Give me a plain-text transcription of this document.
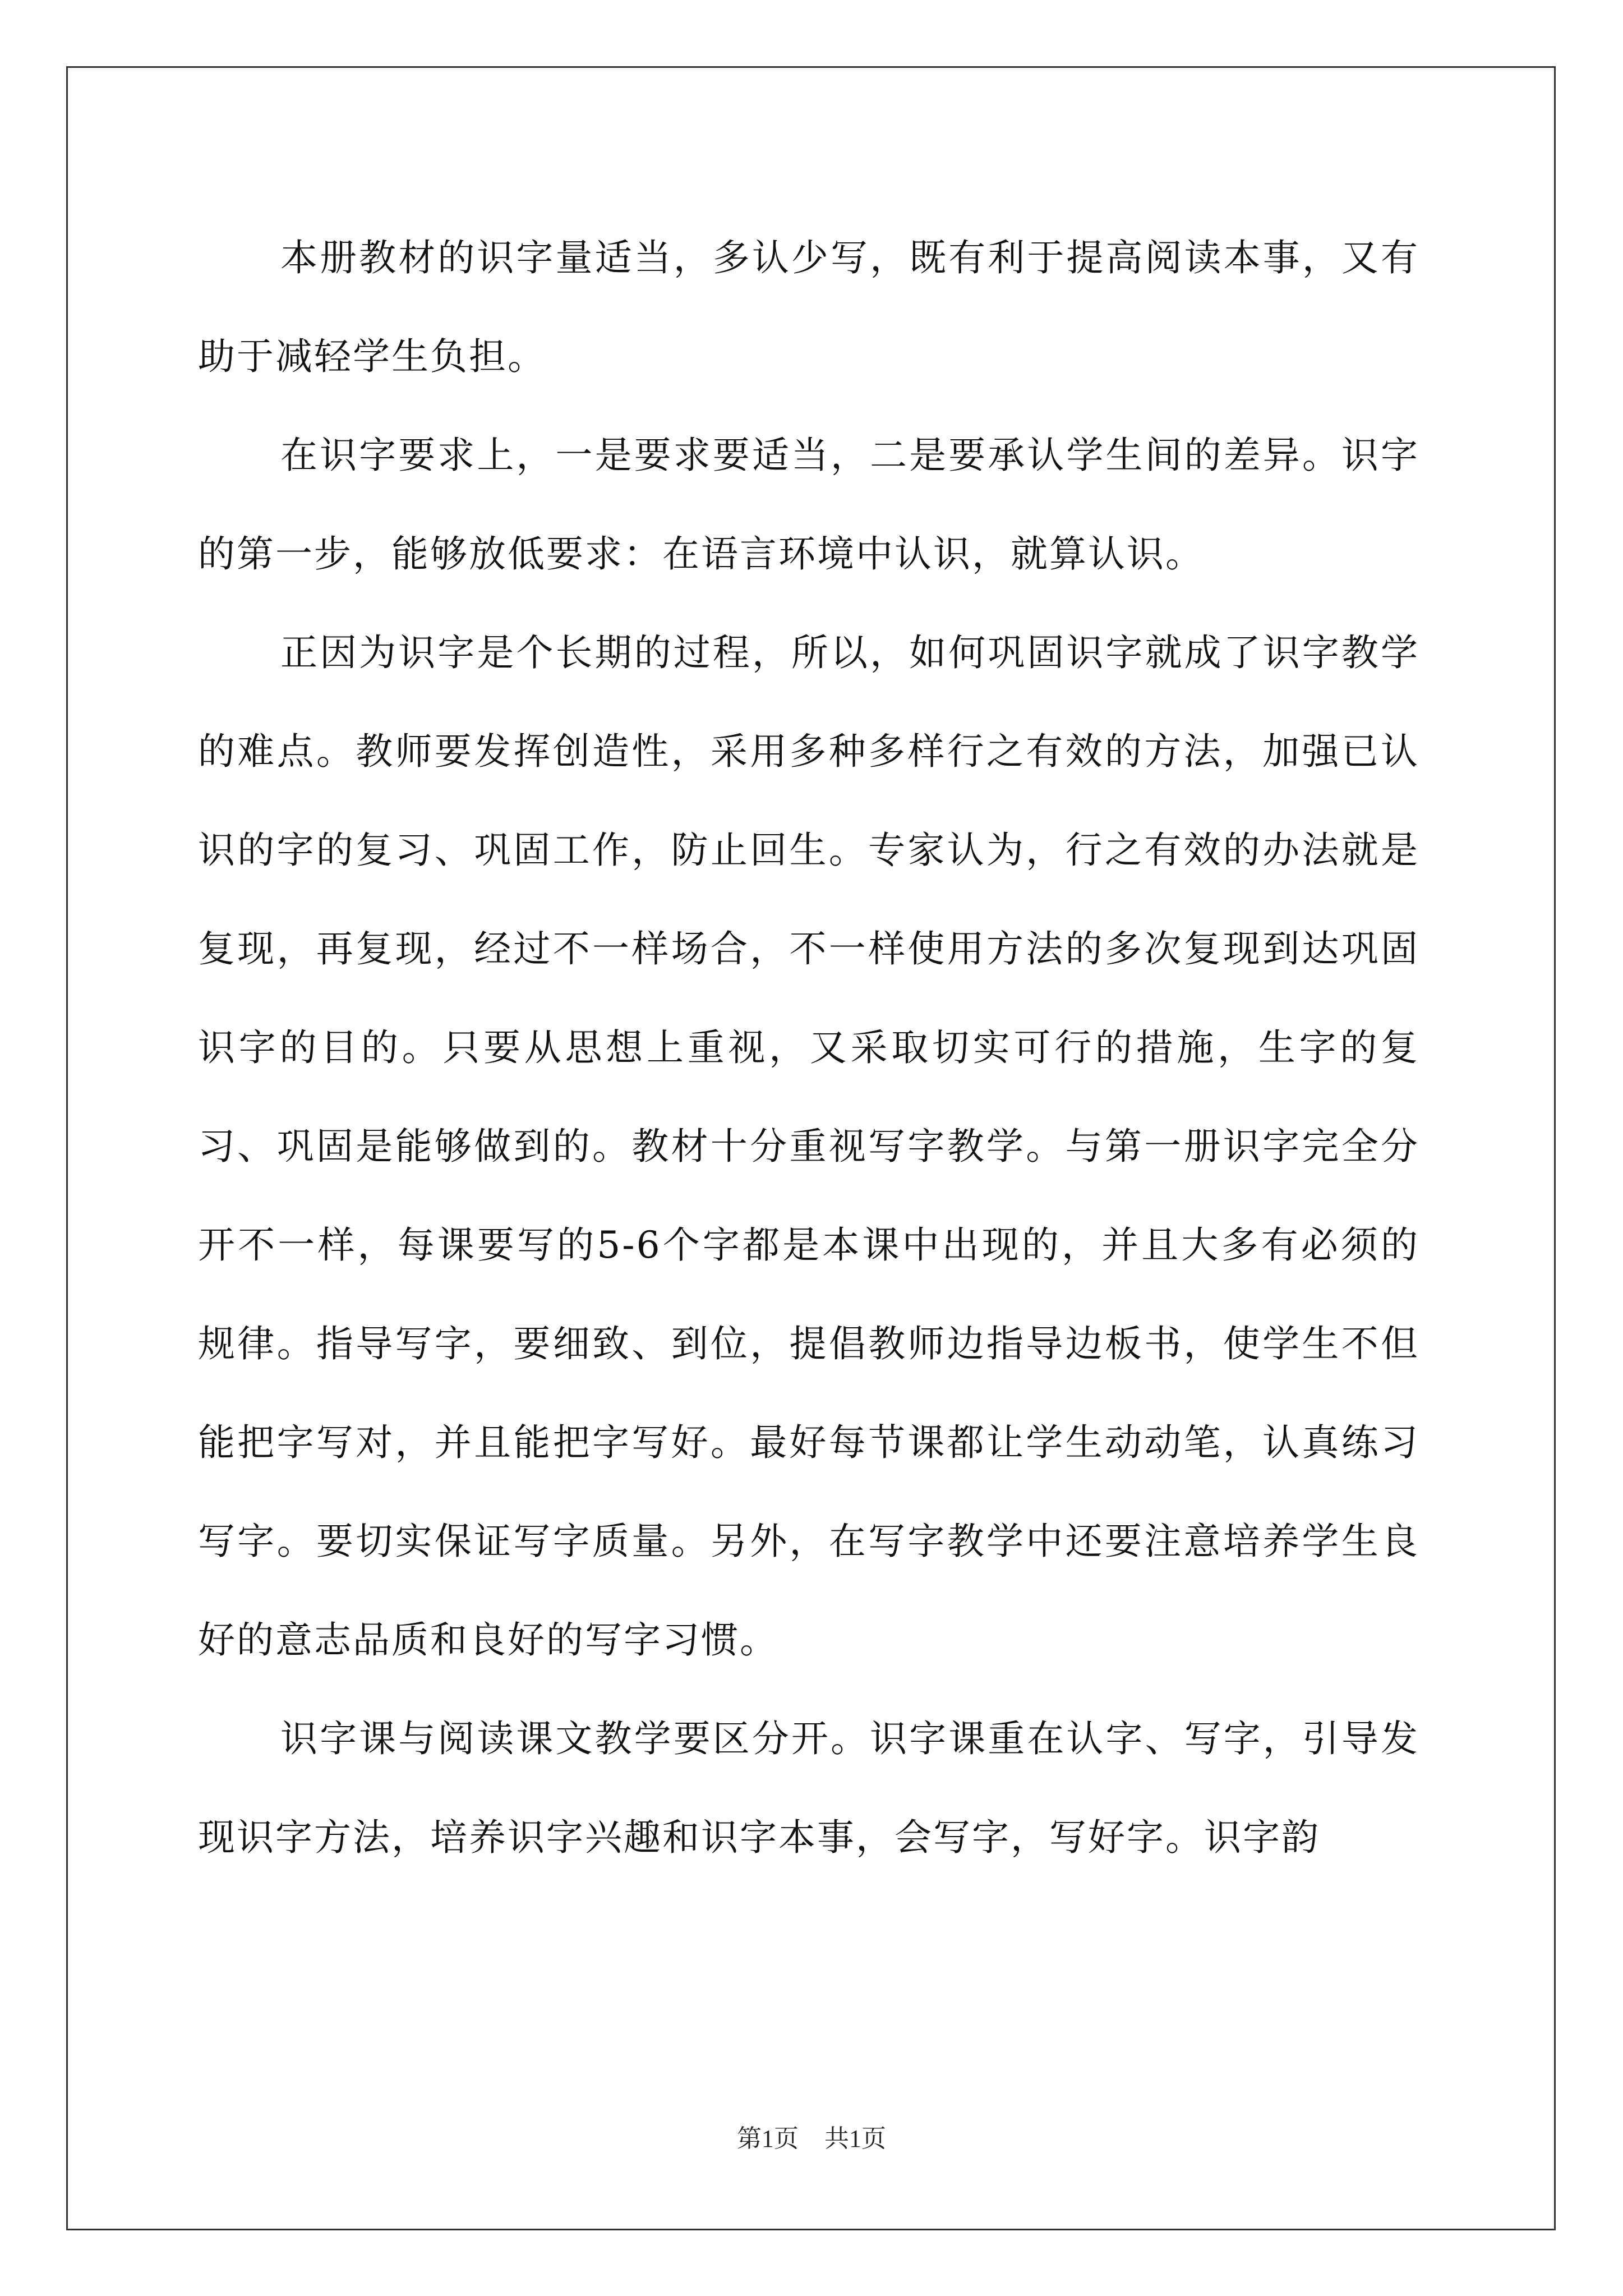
本册教材的识字量适当，多认少写，既有利于提高阅读本事，又有助于减轻学生负担。

在识字要求上，一是要求要适当，二是要承认学生间的差异。识字的第一步，能够放低要求：在语言环境中认识，就算认识。

正因为识字是个长期的过程，所以，如何巩固识字就成了识字教学的难点。教师要发挥创造性，采用多种多样行之有效的方法，加强已认识的字的复习、巩固工作，防止回生。专家认为，行之有效的办法就是复现，再复现，经过不一样场合，不一样使用方法的多次复现到达巩固识字的目的。只要从思想上重视，又采取切实可行的措施，生字的复习、巩固是能够做到的。教材十分重视写字教学。与第一册识字完全分开不一样，每课要写的5-6个字都是本课中出现的，并且大多有必须的规律。指导写字，要细致、到位，提倡教师边指导边板书，使学生不但能把字写对，并且能把字写好。最好每节课都让学生动动笔，认真练习写字。要切实保证写字质量。另外，在写字教学中还要注意培养学生良好的意志品质和良好的写字习惯。

识字课与阅读课文教学要区分开。识字课重在认字、写字，引导发现识字方法，培养识字兴趣和识字本事，会写字，写好字。识字韵

第1页 共1页
